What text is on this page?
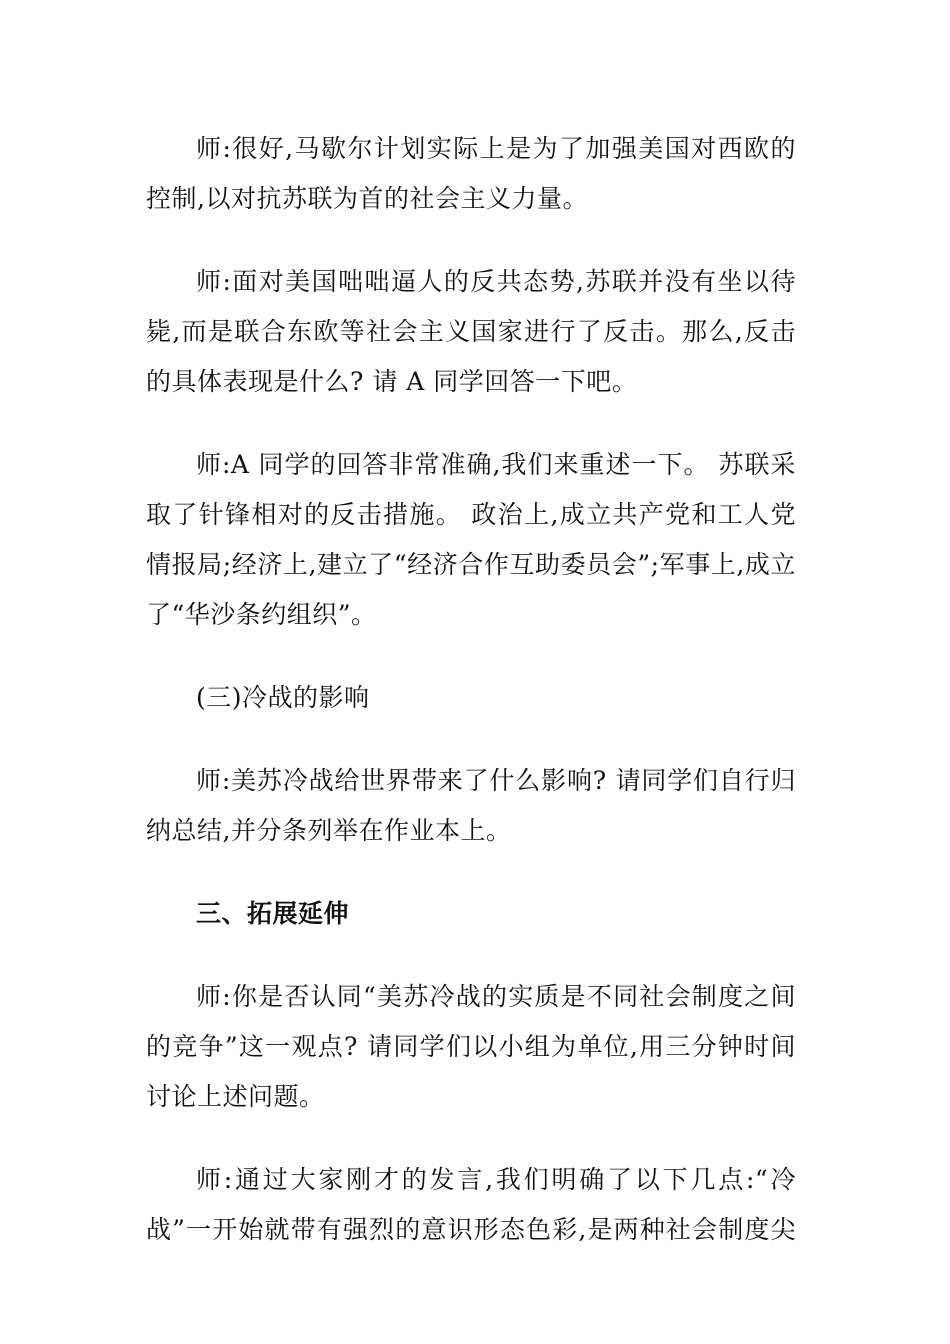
师:很好,马歇尔计划实际上是为了加强美国对西欧的控制,以对抗苏联为首的社会主义力量。

师:面对美国咄咄逼人的反共态势,苏联并没有坐以待毙,而是联合东欧等社会主义国家进行了反击。那么,反击的具体表现是什么? 请 A 同学回答一下吧。

师:A 同学的回答非常准确,我们来重述一下。 苏联采取了针锋相对的反击措施。 政治上,成立共产党和工人党情报局;经济上,建立了“经济合作互助委员会”;军事上,成立了“华沙条约组织”。

(三)冷战的影响

师:美苏冷战给世界带来了什么影响? 请同学们自行归纳总结,并分条列举在作业本上。

三、拓展延伸

师:你是否认同“美苏冷战的实质是不同社会制度之间的竞争”这一观点? 请同学们以小组为单位,用三分钟时间讨论上述问题。

师:通过大家刚才的发言,我们明确了以下几点:“冷战”一开始就带有强烈的意识形态色彩,是两种社会制度尖
